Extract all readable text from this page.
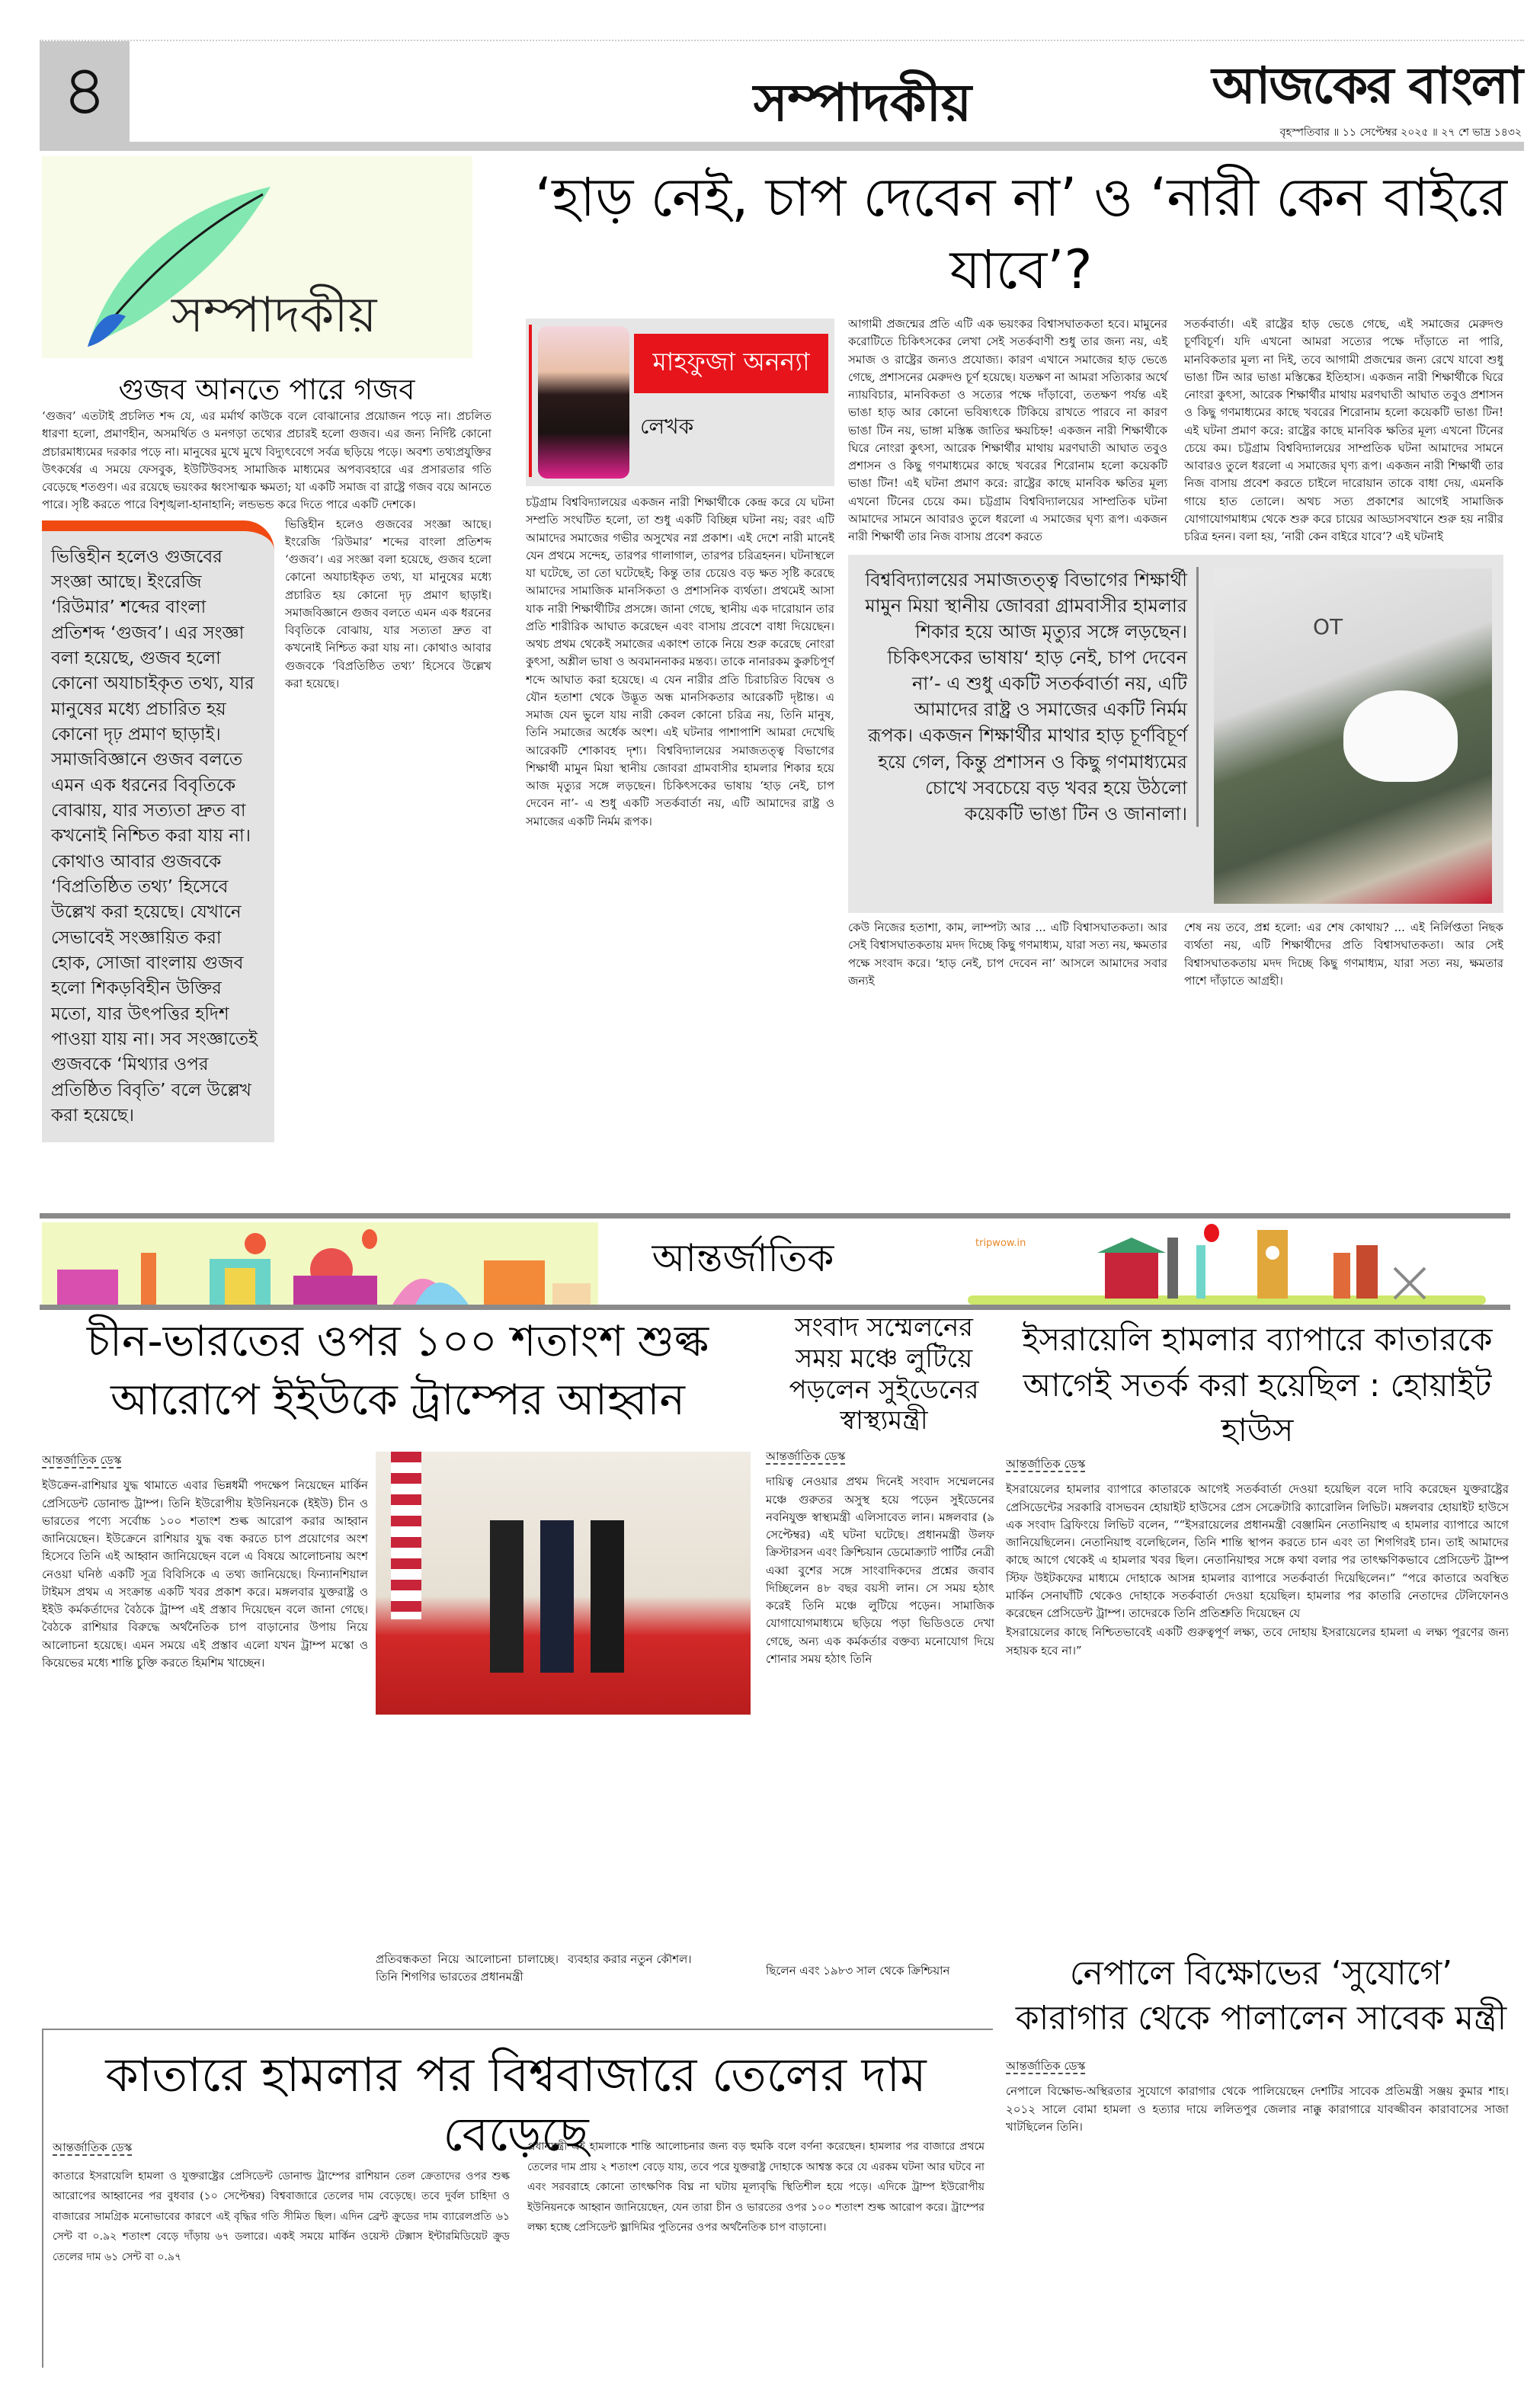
৪	সম্পাদকীয়	আজকের বাংলা
বৃহস্পতিবার ॥ ১১ সেপ্টেম্বর ২০২৫ ॥ ২৭ শে ভাদ্র ১৪৩২
সম্পাদকীয়
‘হাড় নেই, চাপ দেবেন না’ ও ‘নারী কেন বাইরে যাবে’?
গুজব আনতে পারে গজব

‘গুজব’ এতটাই প্রচলিত শব্দ যে, এর মর্মার্থ কাউকে বলে বোঝানোর প্রয়োজন পড়ে না। প্রচলিত ধারণা হলো, প্রমাণহীন, অসমর্থিত ও মনগড়া তথ্যের প্রচারই হলো গুজব। এর জন্য নির্দিষ্ট কোনো প্রচারমাধ্যমের দরকার পড়ে না। মানুষের মুখে মুখে বিদ্যুৎবেগে সর্বত্র ছড়িয়ে পড়ে। অবশ্য তথ্যপ্রযুক্তির উৎকর্ষের এ সময়ে ফেসবুক, ইউটিউবসহ সামাজিক মাধ্যমের অপব্যবহারে এর প্রসারতার গতি বেড়েছে শতগুণ। এর রয়েছে ভয়ংকর ধ্বংসাত্মক ক্ষমতা; যা একটি সমাজ বা রাষ্ট্রে গজব বয়ে আনতে পারে। সৃষ্টি করতে পারে বিশৃঙ্খলা-হানাহানি; লন্ডভন্ড করে দিতে পারে একটি দেশকে।

ভিত্তিহীন হলেও গুজবের সংজ্ঞা আছে। ইংরেজি ‘রিউমার’ শব্দের বাংলা প্রতিশব্দ ‘গুজব’। এর সংজ্ঞা বলা হয়েছে, গুজব হলো কোনো অযাচাইকৃত তথ্য, যার মানুষের মধ্যে প্রচারিত হয় কোনো দৃঢ় প্রমাণ ছাড়াই। সমাজবিজ্ঞানে গুজব বলতে এমন এক ধরনের বিবৃতিকে বোঝায়, যার সত্যতা দ্রুত বা কখনোই নিশ্চিত করা যায় না। কোথাও আবার গুজবকে ‘বিপ্রতিষ্ঠিত তথ্য’ হিসেবে উল্লেখ করা হয়েছে। যেখানে সেভাবেই সংজ্ঞায়িত করা হোক, সোজা বাংলায় গুজব হলো শিকড়বিহীন উক্তির মতো, যার উৎপত্তির হদিশ পাওয়া যায় না। সব সংজ্ঞাতেই গুজবকে ‘মিথ্যার ওপর প্রতিষ্ঠিত বিবৃতি’ বলে উল্লেখ করা হয়েছে।

ভিত্তিহীন হলেও গুজবের সংজ্ঞা আছে। ইংরেজি ‘রিউমার’ শব্দের বাংলা প্রতিশব্দ ‘গুজব’। এর সংজ্ঞা বলা হয়েছে, গুজব হলো কোনো অযাচাইকৃত তথ্য, যা মানুষের মধ্যে প্রচারিত হয় কোনো দৃঢ় প্রমাণ ছাড়াই। সমাজবিজ্ঞানে গুজব বলতে এমন এক ধরনের বিবৃতিকে বোঝায়, যার সত্যতা দ্রুত বা কখনোই নিশ্চিত করা যায় না। কোথাও আবার গুজবকে ‘বিপ্রতিষ্ঠিত তথ্য’ হিসেবে উল্লেখ করা হয়েছে।

মাহফুজা অনন্যা
লেখক
চট্টগ্রাম বিশ্ববিদ্যালয়ের একজন নারী শিক্ষার্থীকে কেন্দ্র করে যে ঘটনা সম্প্রতি সংঘটিত হলো, তা শুধু একটি বিচ্ছিন্ন ঘটনা নয়; বরং এটি আমাদের সমাজের গভীর অসুখের নগ্ন প্রকাশ। এই দেশে নারী মানেই যেন প্রথমে সন্দেহ, তারপর গালাগাল, তারপর চরিত্রহনন। ঘটনাস্থলে যা ঘটেছে, তা তো ঘটেছেই; কিন্তু তার চেয়েও বড় ক্ষত সৃষ্টি করেছে আমাদের সামাজিক মানসিকতা ও প্রশাসনিক ব্যর্থতা। প্রথমেই আসা যাক নারী শিক্ষার্থীটির প্রসঙ্গে। জানা গেছে, স্থানীয় এক দারোয়ান তার প্রতি শারীরিক আঘাত করেছেন এবং বাসায় প্রবেশে বাধা দিয়েছেন। অথচ প্রথম থেকেই সমাজের একাংশ তাকে নিয়ে শুরু করেছে নোংরা কুৎসা, অশ্লীল ভাষা ও অবমাননাকর মন্তব্য। তাকে নানারকম কুরুচিপূর্ণ শব্দে আঘাত করা হয়েছে। এ যেন নারীর প্রতি চিরাচরিত বিদ্বেষ ও যৌন হতাশা থেকে উদ্ভূত অন্ধ মানসিকতার আরেকটি দৃষ্টান্ত। এ সমাজ যেন ভুলে যায় নারী কেবল কোনো চরিত্র নয়, তিনি মানুষ, তিনি সমাজের অর্ধেক অংশ। এই ঘটনার পাশাপাশি আমরা দেখেছি আরেকটি শোকাবহ দৃশ্য। বিশ্ববিদ্যালয়ের সমাজতত্ত্ব বিভাগের শিক্ষার্থী মামুন মিয়া স্থানীয় জোবরা গ্রামবাসীর হামলার শিকার হয়ে আজ মৃত্যুর সঙ্গে লড়ছেন। চিকিৎসকের ভাষায় ‘হাড় নেই, চাপ দেবেন না’- এ শুধু একটি সতর্কবার্তা নয়, এটি আমাদের রাষ্ট্র ও সমাজের একটি নির্মম রূপক।

আগামী প্রজন্মের প্রতি এটি এক ভয়ংকর বিশ্বাসঘাতকতা হবে। মামুনের করোটিতে চিকিৎসকের লেখা সেই সতর্কবাণী শুধু তার জন্য নয়, এই সমাজ ও রাষ্ট্রের জন্যও প্রযোজ্য। কারণ এখানে সমাজের হাড় ভেঙে গেছে, প্রশাসনের মেরুদণ্ড চূর্ণ হয়েছে। যতক্ষণ না আমরা সত্যিকার অর্থে ন্যায়বিচার, মানবিকতা ও সত্যের পক্ষে দাঁড়াবো, ততক্ষণ পর্যন্ত এই ভাঙা হাড় আর কোনো ভবিষ্যৎকে টিকিয়ে রাখতে পারবে না কারণ ভাঙা টিন নয়, ভাঙ্গা মস্তিষ্ক জাতির ক্ষয়চিহ্ন! একজন নারী শিক্ষার্থীকে ঘিরে নোংরা কুৎসা, আরেক শিক্ষার্থীর মাথায় মরণঘাতী আঘাত তবুও প্রশাসন ও কিছু গণমাধ্যমের কাছে খবরের শিরোনাম হলো কয়েকটি ভাঙা টিন! এই ঘটনা প্রমাণ করে: রাষ্ট্রের কাছে মানবিক ক্ষতির মূল্য এখনো টিনের চেয়ে কম। চট্টগ্রাম বিশ্ববিদ্যালয়ের সাম্প্রতিক ঘটনা আমাদের সামনে আবারও তুলে ধরলো এ সমাজের ঘৃণ্য রূপ। একজন নারী শিক্ষার্থী তার নিজ বাসায় প্রবেশ করতে

সতর্কবার্তা। এই রাষ্ট্রের হাড় ভেঙে গেছে, এই সমাজের মেরুদণ্ড চূর্ণবিচূর্ণ। যদি এখনো আমরা সত্যের পক্ষে দাঁড়াতে না পারি, মানবিকতার মূল্য না দিই, তবে আগামী প্রজন্মের জন্য রেখে যাবো শুধু ভাঙা টিন আর ভাঙা মস্তিষ্কের ইতিহাস। একজন নারী শিক্ষার্থীকে ঘিরে নোংরা কুৎসা, আরেক শিক্ষার্থীর মাথায় মরণঘাতী আঘাত তবুও প্রশাসন ও কিছু গণমাধ্যমের কাছে খবরের শিরোনাম হলো কয়েকটি ভাঙা টিন! এই ঘটনা প্রমাণ করে: রাষ্ট্রের কাছে মানবিক ক্ষতির মূল্য এখনো টিনের চেয়ে কম। চট্টগ্রাম বিশ্ববিদ্যালয়ের সাম্প্রতিক ঘটনা আমাদের সামনে আবারও তুলে ধরলো এ সমাজের ঘৃণ্য রূপ। একজন নারী শিক্ষার্থী তার নিজ বাসায় প্রবেশ করতে চাইলে দারোয়ান তাকে বাধা দেয়, এমনকি গায়ে হাত তোলে। অথচ সত্য প্রকাশের আগেই সামাজিক যোগাযোগমাধ্যম থেকে শুরু করে চায়ের আড্ডাসবখানে শুরু হয় নারীর চরিত্র হনন। বলা হয়, ‘নারী কেন বাইরে যাবে’? এই ঘটনাই

বিশ্ববিদ্যালয়ের সমাজতত্ত্ব বিভাগের শিক্ষার্থী মামুন মিয়া স্থানীয় জোবরা গ্রামবাসীর হামলার শিকার হয়ে আজ মৃত্যুর সঙ্গে লড়ছেন। চিকিৎসকের ভাষায়‘ হাড় নেই, চাপ দেবেন না’- এ শুধু একটি সতর্কবার্তা নয়, এটি আমাদের রাষ্ট্র ও সমাজের একটি নির্মম রূপক। একজন শিক্ষার্থীর মাথার হাড় চূর্ণবিচূর্ণ হয়ে গেল, কিন্তু প্রশাসন ও কিছু গণমাধ্যমের চোখে সবচেয়ে বড় খবর হয়ে উঠলো কয়েকটি ভাঙা টিন ও জানালা।
OT

কেউ নিজের হতাশা, কাম, লাম্পট্য আর ... এটি বিশ্বাসঘাতকতা। আর সেই বিশ্বাসঘাতকতায় মদদ দিচ্ছে কিছু গণমাধ্যম, যারা সত্য নয়, ক্ষমতার পক্ষে সংবাদ করে। ‘হাড় নেই, চাপ দেবেন না’ আসলে আমাদের সবার জন্যই

শেষ নয় তবে, প্রশ্ন হলো: এর শেষ কোথায়? ... এই নির্লিপ্ততা নিছক ব্যর্থতা নয়, এটি শিক্ষার্থীদের প্রতি বিশ্বাসঘাতকতা। আর সেই বিশ্বাসঘাতকতায় মদদ দিচ্ছে কিছু গণমাধ্যম, যারা সত্য নয়, ক্ষমতার পাশে দাঁড়াতে আগ্রহী।

আন্তর্জাতিক	tripwow.in
চীন-ভারতের ওপর ১০০ শতাংশ শুল্ক আরোপে ইইউকে ট্রাম্পের আহ্বান
আন্তর্জাতিক ডেস্ক

ইউক্রেন-রাশিয়ার যুদ্ধ থামাতে এবার ভিন্নধর্মী পদক্ষেপ নিয়েছেন মার্কিন প্রেসিডেন্ট ডোনাল্ড ট্রাম্প। তিনি ইউরোপীয় ইউনিয়নকে (ইইউ) চীন ও ভারতের পণ্যে সর্বোচ্চ ১০০ শতাংশ শুল্ক আরোপ করার আহ্বান জানিয়েছেন। ইউক্রেনে রাশিয়ার যুদ্ধ বন্ধ করতে চাপ প্রয়োগের অংশ হিসেবে তিনি এই আহ্বান জানিয়েছেন বলে এ বিষয়ে আলোচনায় অংশ নেওয়া ঘনিষ্ঠ একটি সূত্র বিবিসিকে এ তথ্য জানিয়েছে। ফিন্যানশিয়াল টাইমস প্রথম এ সংক্রান্ত একটি খবর প্রকাশ করে। মঙ্গলবার যুক্তরাষ্ট্র ও ইইউ কর্মকর্তাদের বৈঠকে ট্রাম্প এই প্রস্তাব দিয়েছেন বলে জানা গেছে। বৈঠকে রাশিয়ার বিরুদ্ধে অর্থনৈতিক চাপ বাড়ানোর উপায় নিয়ে আলোচনা হয়েছে। এমন সময়ে এই প্রস্তাব এলো যখন ট্রাম্প মস্কো ও কিয়েভের মধ্যে শান্তি চুক্তি করতে হিমশিম খাচ্ছেন।

প্রতিবন্ধকতা নিয়ে আলোচনা চালাচ্ছে। তিনি শিগগির ভারতের প্রধানমন্ত্রী
ব্যবহার করার নতুন কৌশল।
সংবাদ সম্মেলনের সময় মঞ্চে লুটিয়ে পড়লেন সুইডেনের স্বাস্থ্যমন্ত্রী
আন্তর্জাতিক ডেস্ক

দায়িত্ব নেওয়ার প্রথম দিনেই সংবাদ সম্মেলনের মঞ্চে গুরুতর অসুস্থ হয়ে পড়েন সুইডেনের নবনিযুক্ত স্বাস্থ্যমন্ত্রী এলিসাবেত লান। মঙ্গলবার (৯ সেপ্টেম্বর) এই ঘটনা ঘটেছে। প্রধানমন্ত্রী উলফ ক্রিস্টারসন এবং ক্রিশ্চিয়ান ডেমোক্র্যাট পার্টির নেত্রী এব্বা বুশের সঙ্গে সাংবাদিকদের প্রশ্নের জবাব দিচ্ছিলেন ৪৮ বছর বয়সী লান। সে সময় হঠাৎ করেই তিনি মঞ্চে লুটিয়ে পড়েন। সামাজিক যোগাযোগমাধ্যমে ছড়িয়ে পড়া ভিডিওতে দেখা গেছে, অন্য এক কর্মকর্তার বক্তব্য মনোযোগ দিয়ে শোনার সময় হঠাৎ তিনি

ছিলেন এবং ১৯৮৩ সাল থেকে ক্রিশ্চিয়ান
ইসরায়েলি হামলার ব্যাপারে কাতারকে আগেই সতর্ক করা হয়েছিল : হোয়াইট হাউস
আন্তর্জাতিক ডেস্ক

ইসরায়েলের হামলার ব্যাপারে কাতারকে আগেই সতর্কবার্তা দেওয়া হয়েছিল বলে দাবি করেছেন যুক্তরাষ্ট্রের প্রেসিডেন্টের সরকারি বাসভবন হোয়াইট হাউসের প্রেস সেক্রেটারি ক্যারোলিন লিভিট। মঙ্গলবার হোয়াইট হাউসে এক সংবাদ ব্রিফিংয়ে লিভিট বলেন, ““ইসরায়েলের প্রধানমন্ত্রী বেঞ্জামিন নেতানিয়াহু এ হামলার ব্যাপারে আগে জানিয়েছিলেন। নেতানিয়াহু বলেছিলেন, তিনি শান্তি স্থাপন করতে চান এবং তা শিগগিরই চান। তাই আমাদের কাছে আগে থেকেই এ হামলার খবর ছিল। নেতানিয়াহুর সঙ্গে কথা বলার পর তাৎক্ষণিকভাবে প্রেসিডেন্ট ট্রাম্প স্টিফ উইটকফের মাধ্যমে দোহাকে আসন্ন হামলার ব্যাপারে সতর্কবার্তা দিয়েছিলেন।” “পরে কাতারে অবস্থিত মার্কিন সেনাঘাঁটি থেকেও দোহাকে সতর্কবার্তা দেওয়া হয়েছিল। হামলার পর কাতারি নেতাদের টেলিফোনও করেছেন প্রেসিডেন্ট ট্রাম্প। তাদেরকে তিনি প্রতিশ্রুতি দিয়েছেন যে

ইসরায়েলের কাছে নিশ্চিতভাবেই একটি গুরুত্বপূর্ণ লক্ষ্য, তবে দোহায় ইসরায়েলের হামলা এ লক্ষ্য পূরণের জন্য সহায়ক হবে না।”

নেপালে বিক্ষোভের ‘সুযোগে’ কারাগার থেকে পালালেন সাবেক মন্ত্রী
আন্তর্জাতিক ডেস্ক

নেপালে বিক্ষোভ-অস্থিরতার সুযোগে কারাগার থেকে পালিয়েছেন দেশটির সাবেক প্রতিমন্ত্রী সঞ্জয় কুমার শাহ। ২০১২ সালে বোমা হামলা ও হত্যার দায়ে ললিতপুর জেলার নাক্কু কারাগারে যাবজ্জীবন কারাবাসের সাজা খাটছিলেন তিনি।

কাতারে হামলার পর বিশ্ববাজারে তেলের দাম বেড়েছে
আন্তর্জাতিক ডেস্ক

কাতারে ইসরায়েলি হামলা ও যুক্তরাষ্ট্রের প্রেসিডেন্ট ডোনাল্ড ট্রাম্পের রাশিয়ান তেল ক্রেতাদের ওপর শুল্ক আরোপের আহ্বানের পর বুধবার (১০ সেপ্টেম্বর) বিশ্ববাজারে তেলের দাম বেড়েছে। তবে দুর্বল চাহিদা ও বাজারের সামগ্রিক মনোভাবের কারণে এই বৃদ্ধির গতি সীমিত ছিল। এদিন ব্রেন্ট ক্রুডের দাম ব্যারেলপ্রতি ৬১ সেন্ট বা ০.৯২ শতাংশ বেড়ে দাঁড়ায় ৬৭ ডলারে। একই সময়ে মার্কিন ওয়েস্ট টেক্সাস ইন্টারমিডিয়েট ক্রুড তেলের দাম ৬১ সেন্ট বা ০.৯৭

প্রধানমন্ত্রী এই হামলাকে শান্তি আলোচনার জন্য বড় হুমকি বলে বর্ণনা করেছেন। হামলার পর বাজারে প্রথমে তেলের দাম প্রায় ২ শতাংশ বেড়ে যায়, তবে পরে যুক্তরাষ্ট্র দোহাকে আশ্বস্ত করে যে এরকম ঘটনা আর ঘটবে না এবং সরবরাহে কোনো তাৎক্ষণিক বিঘ্ন না ঘটায় মূল্যবৃদ্ধি স্থিতিশীল হয়ে পড়ে। এদিকে ট্রাম্প ইউরোপীয় ইউনিয়নকে আহ্বান জানিয়েছেন, যেন তারা চীন ও ভারতের ওপর ১০০ শতাংশ শুল্ক আরোপ করে। ট্রাম্পের লক্ষ্য হচ্ছে প্রেসিডেন্ট ভ্লাদিমির পুতিনের ওপর অর্থনৈতিক চাপ বাড়ানো।
